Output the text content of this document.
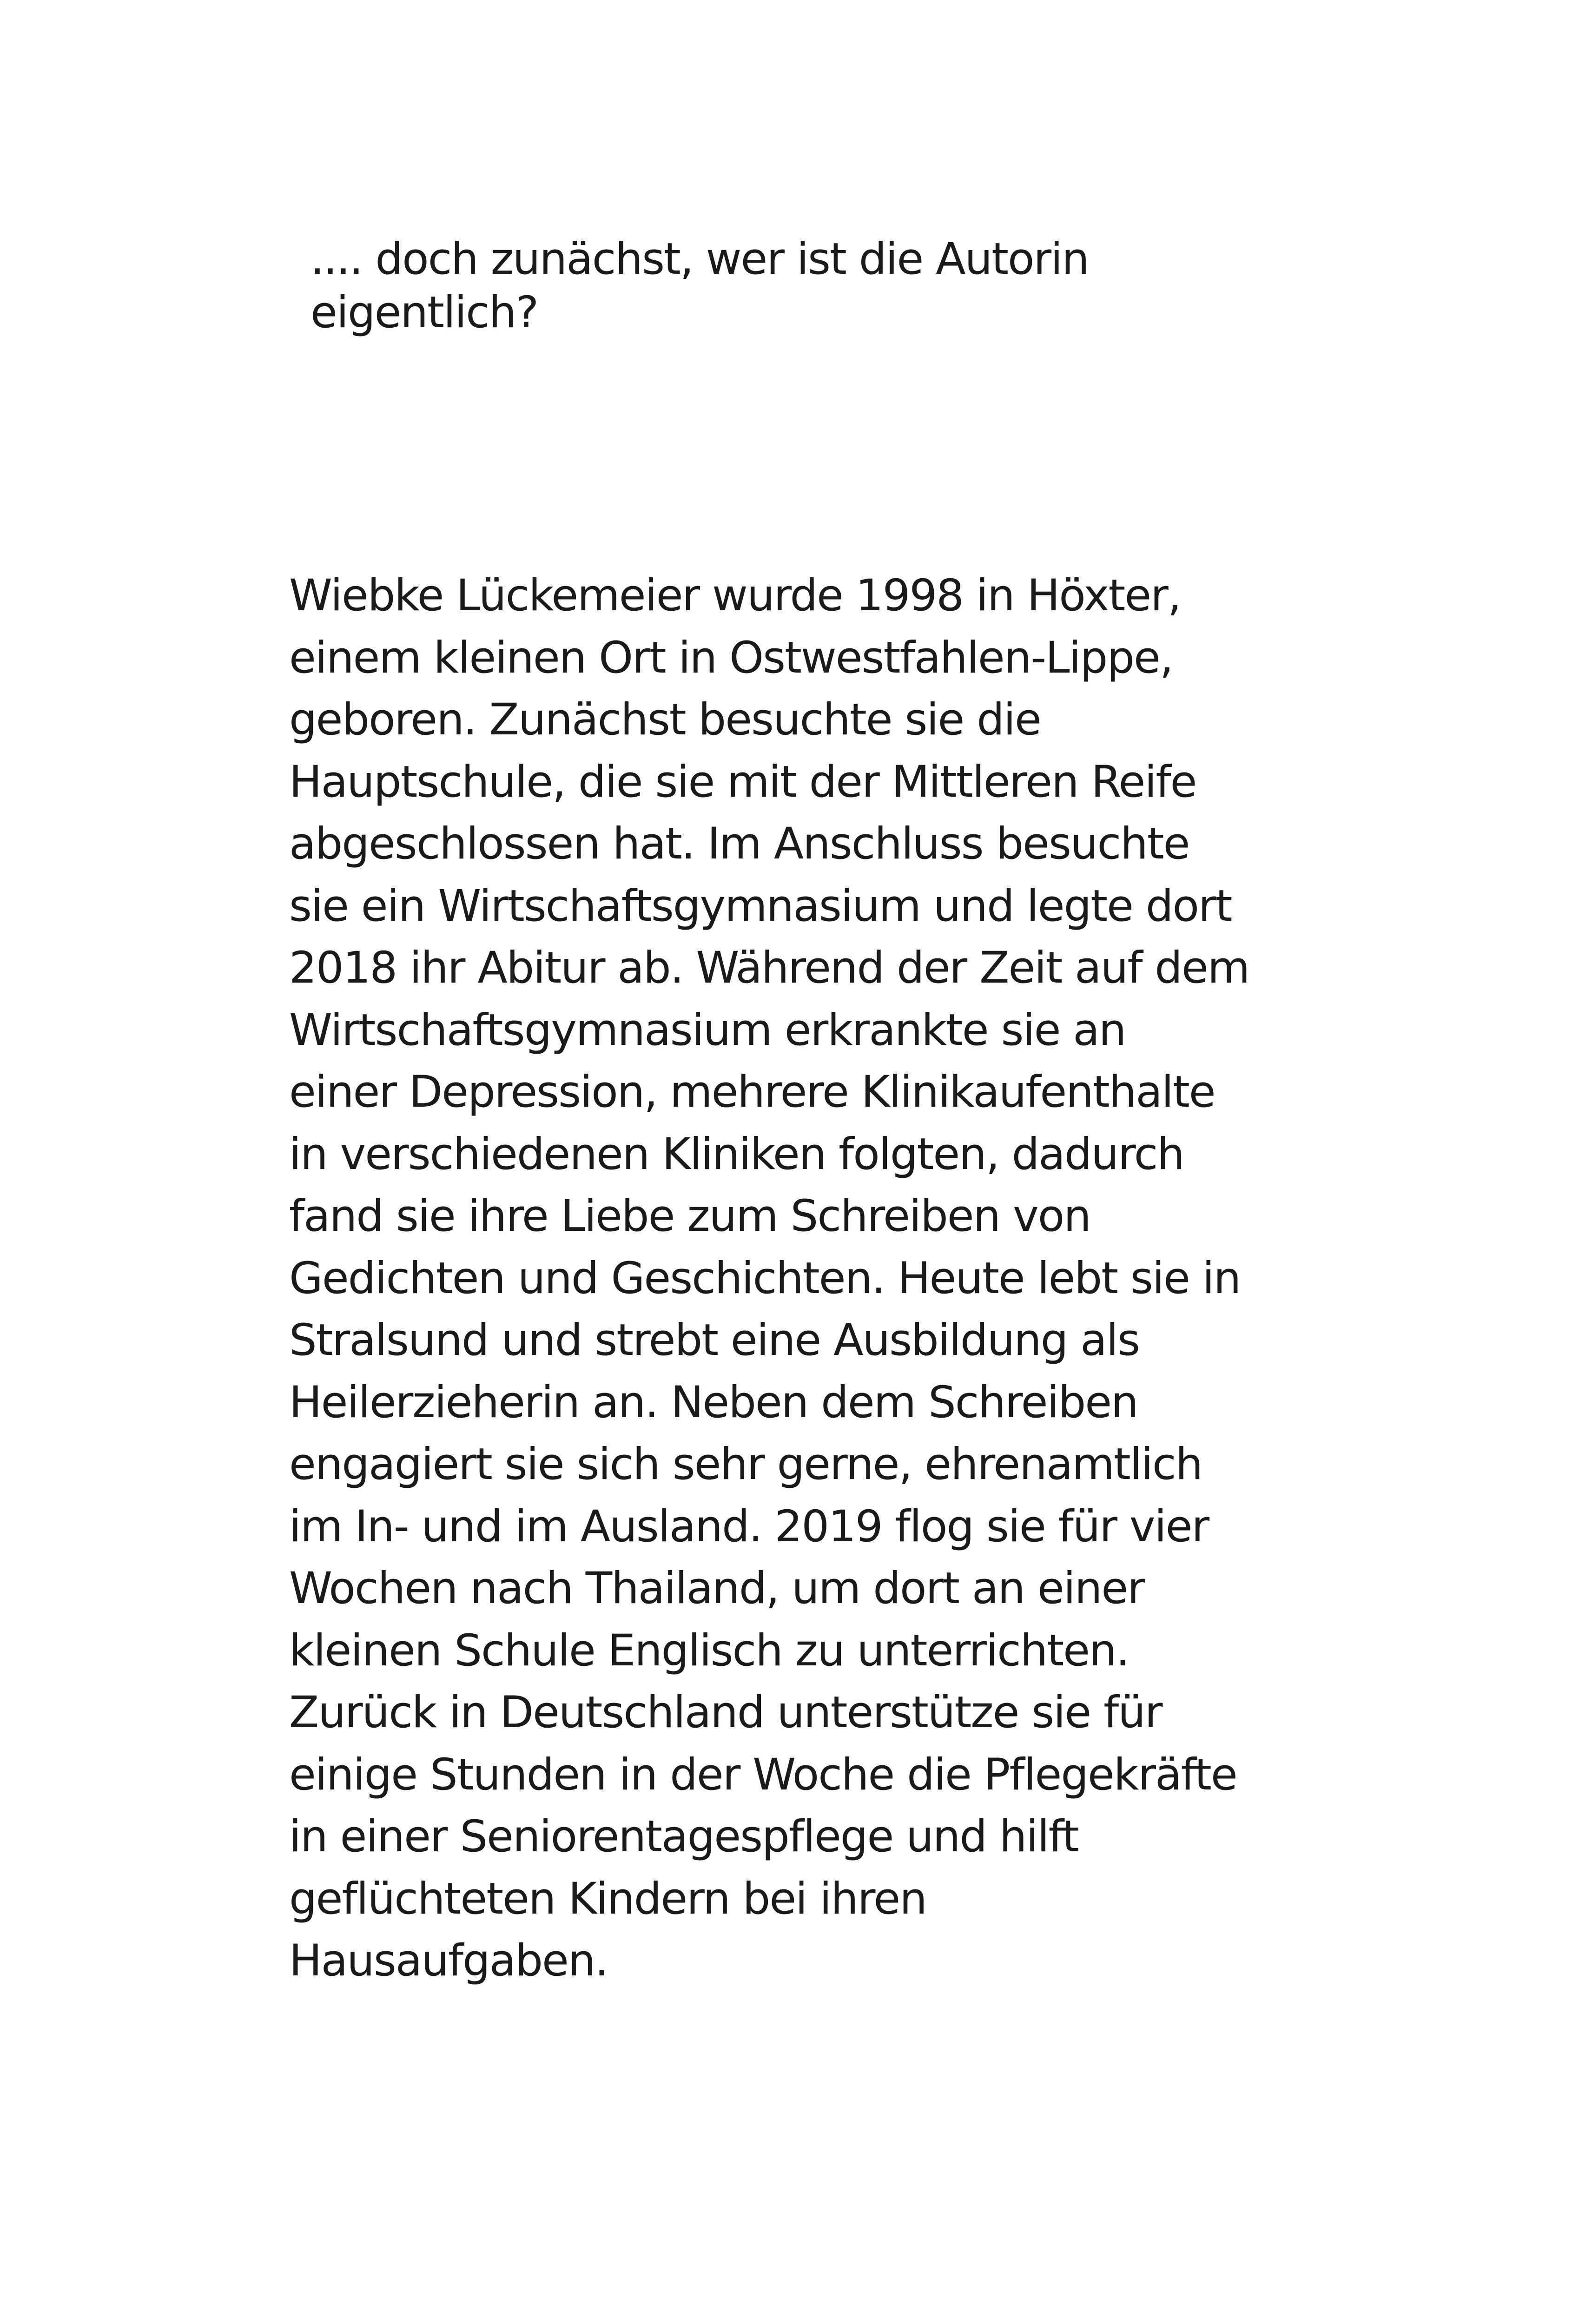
.... doch zunächst, wer ist die Autorin
eigentlich?

Wiebke Lückemeier wurde 1998 in Höxter,
einem kleinen Ort in Ostwestfahlen-Lippe,
geboren. Zunächst besuchte sie die
Hauptschule, die sie mit der Mittleren Reife
abgeschlossen hat. Im Anschluss besuchte
sie ein Wirtschaftsgymnasium und legte dort
2018 ihr Abitur ab. Während der Zeit auf dem
Wirtschaftsgymnasium erkrankte sie an
einer Depression, mehrere Klinikaufenthalte
in verschiedenen Kliniken folgten, dadurch
fand sie ihre Liebe zum Schreiben von
Gedichten und Geschichten. Heute lebt sie in
Stralsund und strebt eine Ausbildung als
Heilerzieherin an. Neben dem Schreiben
engagiert sie sich sehr gerne, ehrenamtlich
im In- und im Ausland. 2019 flog sie für vier
Wochen nach Thailand, um dort an einer
kleinen Schule Englisch zu unterrichten.
Zurück in Deutschland unterstütze sie für
einige Stunden in der Woche die Pflegekräfte
in einer Seniorentagespflege und hilft
geflüchteten Kindern bei ihren
Hausaufgaben.
